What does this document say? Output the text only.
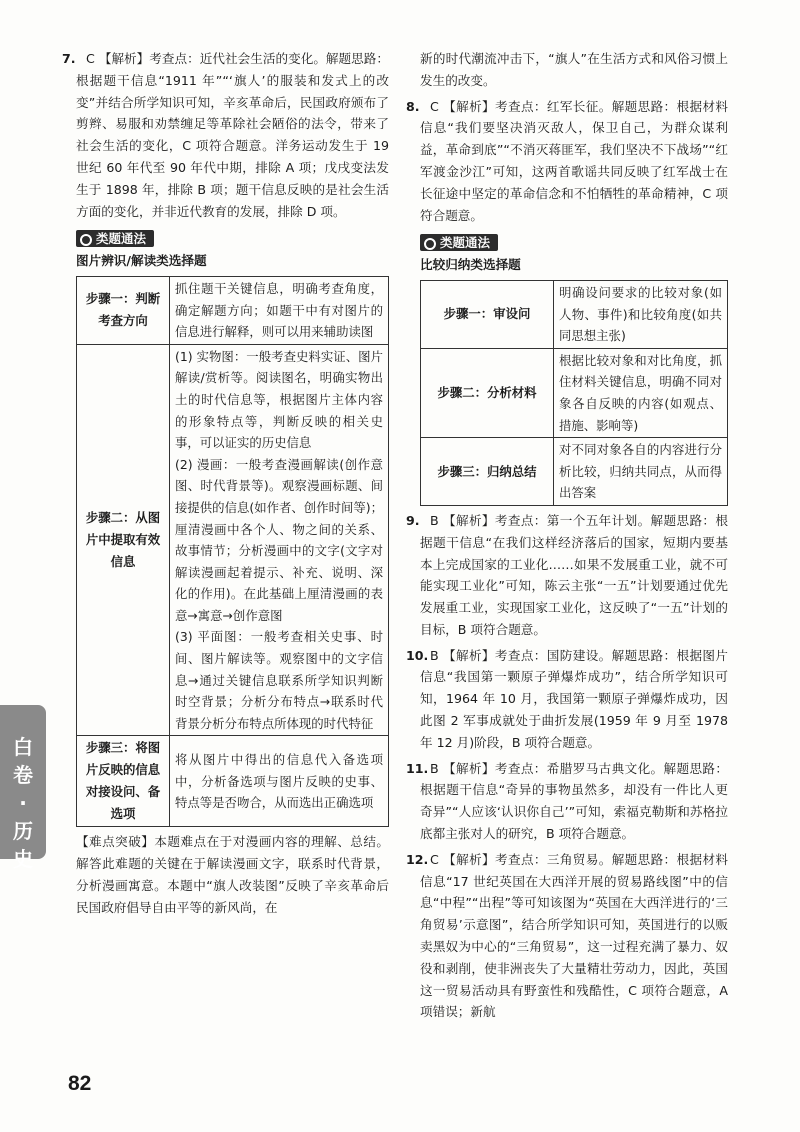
7. C 【解析】考查点：近代社会生活的变化。解题思路：根据题干信息“1911 年”“‘旗人’的服装和发式上的改变”并结合所学知识可知，辛亥革命后，民国政府颁布了剪辫、易服和劝禁缠足等革除社会陋俗的法令，带来了社会生活的变化，C 项符合题意。洋务运动发生于 19 世纪 60 年代至 90 年代中期，排除 A 项；戊戌变法发生于 1898 年，排除 B 项；题干信息反映的是社会生活方面的变化，并非近代教育的发展，排除 D 项。

类题通法
图片辨识/解读类选择题
步骤一：判断考查方向	抓住题干关键信息，明确考查角度，确定解题方向；如题干中有对图片的信息进行解释，则可以用来辅助读图
步骤二：从图片中提取有效信息	(1) 实物图：一般考查史料实证、图片解读/赏析等。阅读图名，明确实物出土的时代信息等，根据图片主体内容的形象特点等，判断反映的相关史事，可以证实的历史信息
(2) 漫画：一般考查漫画解读(创作意图、时代背景等)。观察漫画标题、间接提供的信息(如作者、创作时间等)；厘清漫画中各个人、物之间的关系、故事情节；分析漫画中的文字(文字对解读漫画起着提示、补充、说明、深化的作用)。在此基础上厘清漫画的表意→寓意→创作意图
(3) 平面图：一般考查相关史事、时间、图片解读等。观察图中的文字信息→通过关键信息联系所学知识判断时空背景；分析分布特点→联系时代背景分析分布特点所体现的时代特征

步骤三：将图片反映的信息对接设问、备选项	将从图片中得出的信息代入备选项中，分析备选项与图片反映的史事、特点等是否吻合，从而选出正确选项

【难点突破】本题难点在于对漫画内容的理解、总结。解答此难题的关键在于解读漫画文字，联系时代背景，分析漫画寓意。本题中“旗人改装图”反映了辛亥革命后民国政府倡导自由平等的新风尚，在

新的时代潮流冲击下，“旗人”在生活方式和风俗习惯上发生的改变。

8. C 【解析】考查点：红军长征。解题思路：根据材料信息“我们要坚决消灭敌人，保卫自己，为群众谋利益，革命到底”“不消灭蒋匪军，我们坚决不下战场”“红军渡金沙江”可知，这两首歌谣共同反映了红军战士在长征途中坚定的革命信念和不怕牺牲的革命精神，C 项符合题意。

类题通法
比较归纳类选择题
步骤一：审设问	明确设问要求的比较对象(如人物、事件)和比较角度(如共同思想主张)
步骤二：分析材料	根据比较对象和对比角度，抓住材料关键信息，明确不同对象各自反映的内容(如观点、措施、影响等)
步骤三：归纳总结	对不同对象各自的内容进行分析比较，归纳共同点，从而得出答案

9. B 【解析】考查点：第一个五年计划。解题思路：根据题干信息“在我们这样经济落后的国家，短期内要基本上完成国家的工业化……如果不发展重工业，就不可能实现工业化”可知，陈云主张“一五”计划要通过优先发展重工业，实现国家工业化，这反映了“一五”计划的目标，B 项符合题意。

10. B 【解析】考查点：国防建设。解题思路：根据图片信息“我国第一颗原子弹爆炸成功”，结合所学知识可知，1964 年 10 月，我国第一颗原子弹爆炸成功，因此图 2 军事成就处于曲折发展(1959 年 9 月至 1978 年 12 月)阶段，B 项符合题意。

11. B 【解析】考查点：希腊罗马古典文化。解题思路：根据题干信息“奇异的事物虽然多，却没有一件比人更奇异”“人应该‘认识你自己’”可知，索福克勒斯和苏格拉底都主张对人的研究，B 项符合题意。

12. C 【解析】考查点：三角贸易。解题思路：根据材料信息“17 世纪英国在大西洋开展的贸易路线图”中的信息“中程”“出程”等可知该图为“英国在大西洋进行的‘三角贸易’示意图”，结合所学知识可知，英国进行的以贩卖黑奴为中心的“三角贸易”，这一过程充满了暴力、奴役和剥削，使非洲丧失了大量精壮劳动力，因此，英国这一贸易活动具有野蛮性和残酷性，C 项符合题意，A 项错误；新航

白卷·历史
82
